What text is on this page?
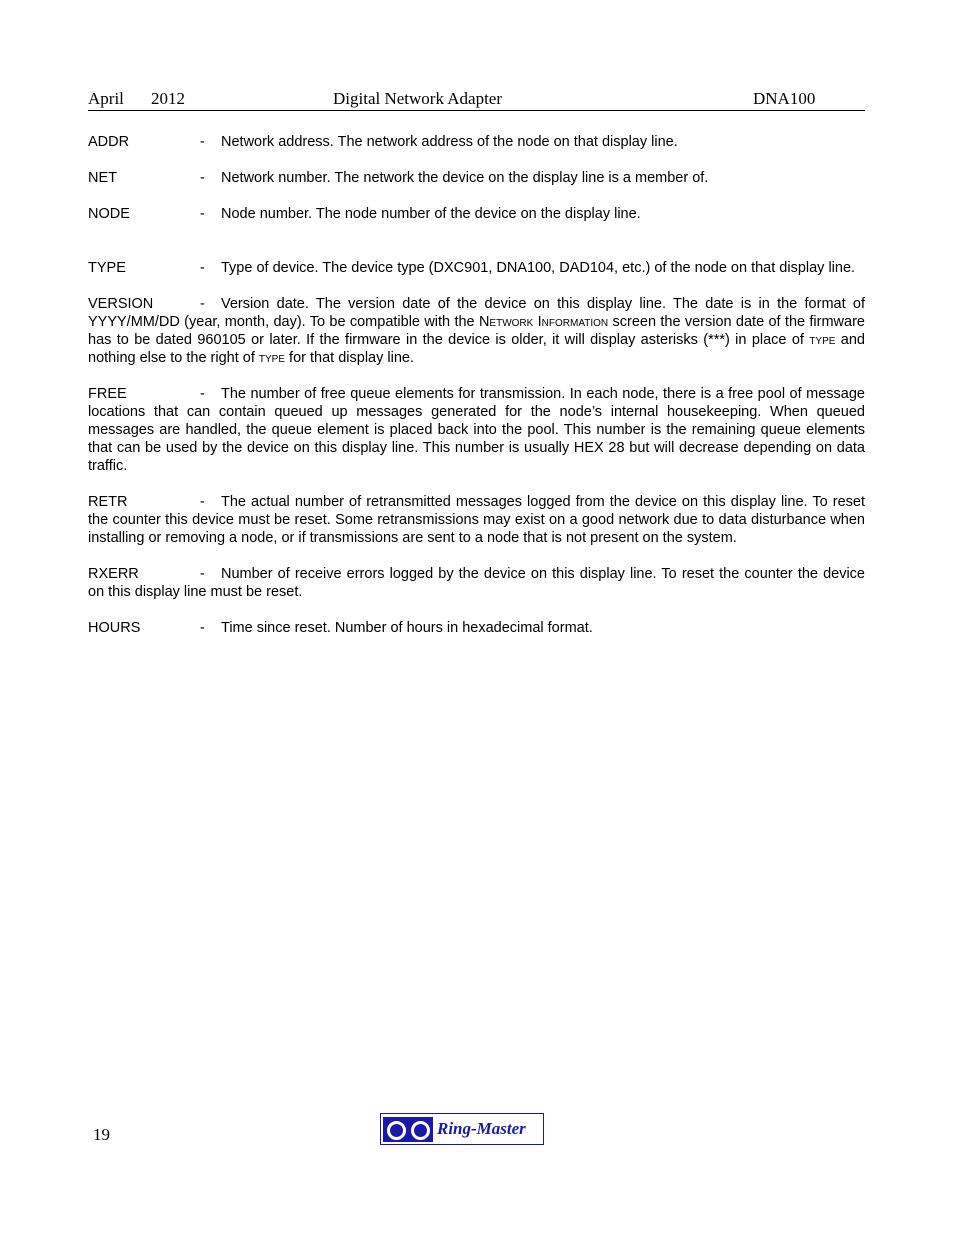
April 2012	Digital Network Adapter	DNA100

ADDR	- Network address. The network address of the node on that display line.

NET	- Network number. The network the device on the display line is a member of.

NODE	- Node number. The node number of the device on the display line.

TYPE	- Type of device. The device type (DXC901, DNA100, DAD104, etc.) of the node on that display line.

VERSION	- Version date. The version date of the device on this display line. The date is in the format of YYYY/MM/DD (year, month, day). To be compatible with the Network Information screen the version date of the firmware has to be dated 960105 or later. If the firmware in the device is older, it will display asterisks (***) in place of type and nothing else to the right of type for that display line.

FREE	- The number of free queue elements for transmission. In each node, there is a free pool of message locations that can contain queued up messages generated for the node’s internal housekeeping. When queued messages are handled, the queue element is placed back into the pool. This number is the remaining queue elements that can be used by the device on this display line. This number is usually HEX 28 but will decrease depending on data traffic.

RETR	- The actual number of retransmitted messages logged from the device on this display line. To reset the counter this device must be reset. Some retransmissions may exist on a good network due to data disturbance when installing or removing a node, or if transmissions are sent to a node that is not present on the system.

RXERR	- Number of receive errors logged by the device on this display line. To reset the counter the device on this display line must be reset.

HOURS	- Time since reset. Number of hours in hexadecimal format.

19	Ring-Master
